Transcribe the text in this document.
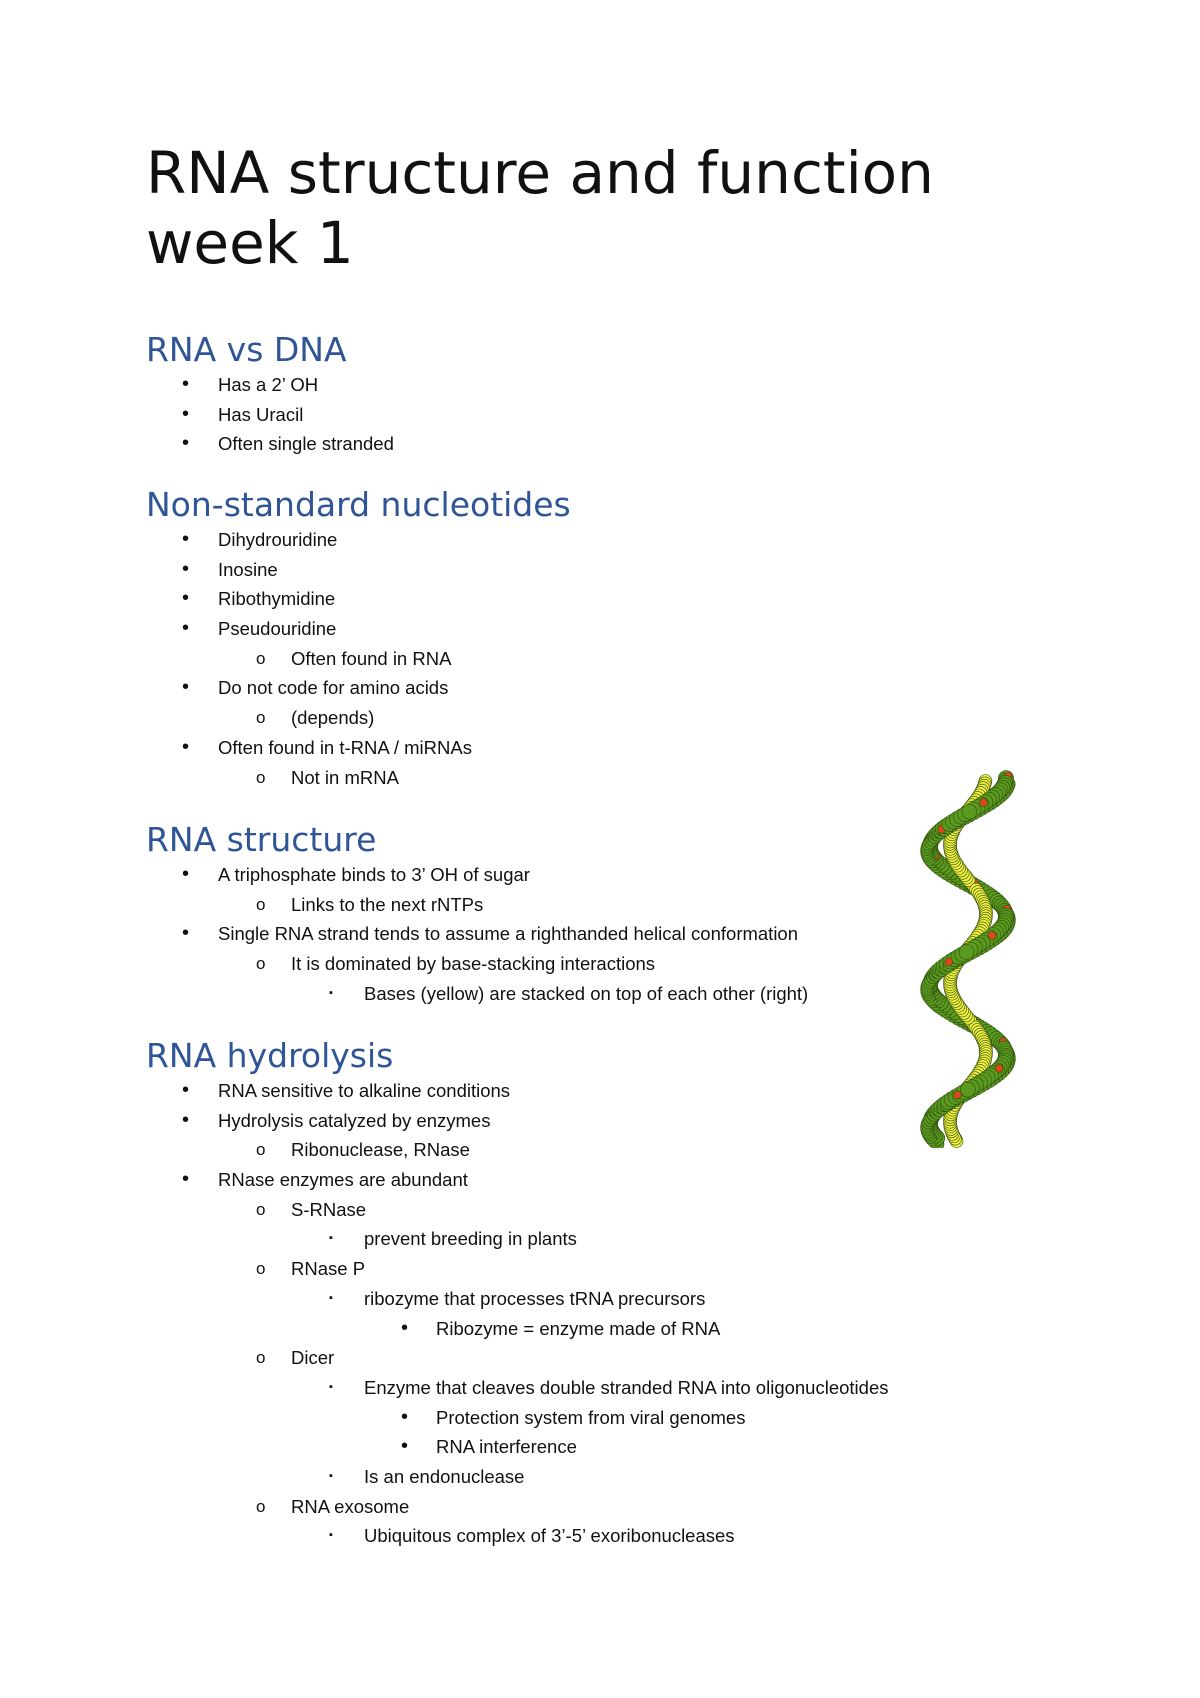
RNA structure and function week 1
RNA vs DNA
• Has a 2’ OH
• Has Uracil
• Often single stranded
Non-standard nucleotides
• Dihydrouridine
• Inosine
• Ribothymidine
• Pseudouridine
o Often found in RNA
• Do not code for amino acids
o (depends)
• Often found in t-RNA / miRNAs
o Not in mRNA
RNA structure
• A triphosphate binds to 3’ OH of sugar
o Links to the next rNTPs
• Single RNA strand tends to assume a righthanded helical conformation
o It is dominated by base-stacking interactions
▪ Bases (yellow) are stacked on top of each other (right)
RNA hydrolysis
• RNA sensitive to alkaline conditions
• Hydrolysis catalyzed by enzymes
o Ribonuclease, RNase
• RNase enzymes are abundant
o S-RNase
▪ prevent breeding in plants
o RNase P
▪ ribozyme that processes tRNA precursors
• Ribozyme = enzyme made of RNA
o Dicer
▪ Enzyme that cleaves double stranded RNA into oligonucleotides
• Protection system from viral genomes
• RNA interference
▪ Is an endonuclease
o RNA exosome
▪ Ubiquitous complex of 3’-5’ exoribonucleases
